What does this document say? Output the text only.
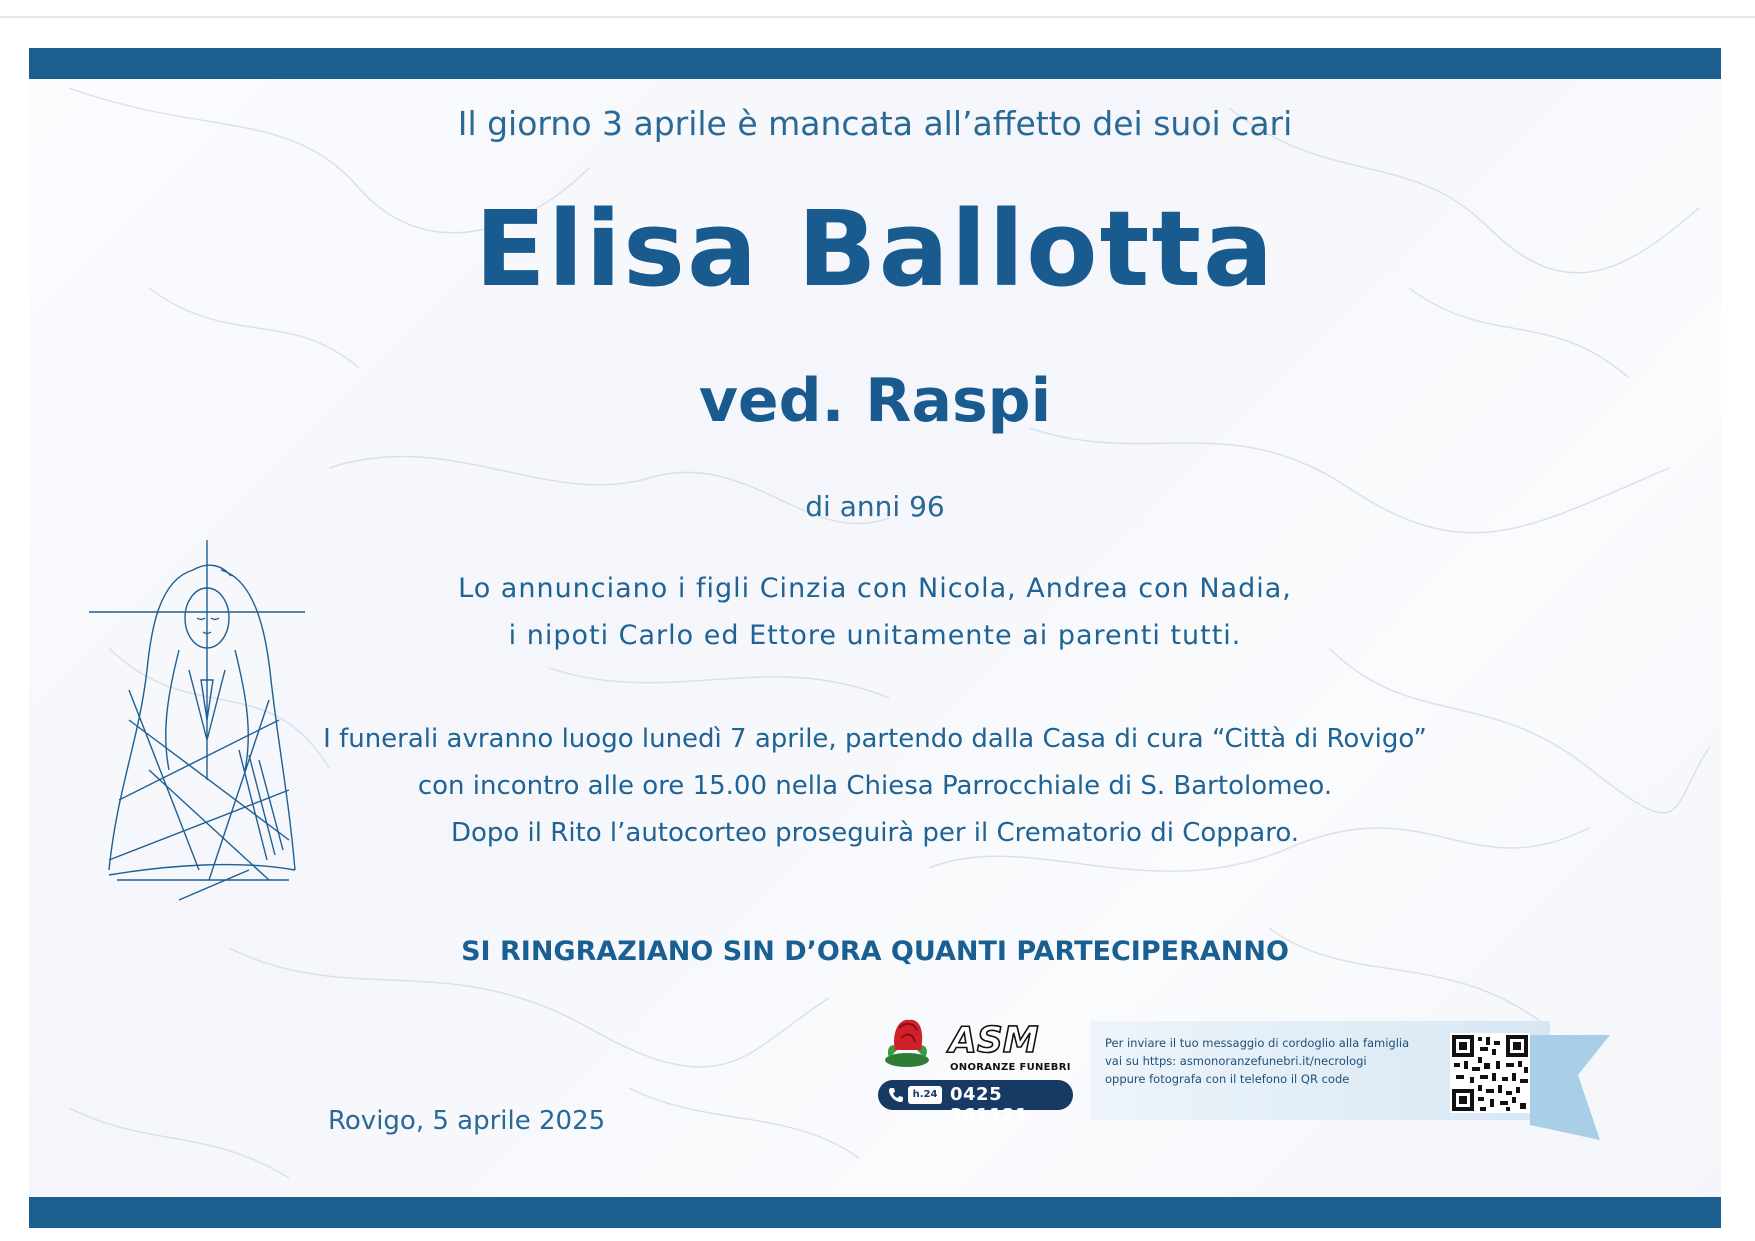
Il giorno 3 aprile è mancata all’affetto dei suoi cari
Elisa Ballotta
ved. Raspi
di anni 96
Lo annunciano i figli Cinzia con Nicola, Andrea con Nadia,
i nipoti Carlo ed Ettore unitamente ai parenti tutti.
I funerali avranno luogo lunedì 7 aprile, partendo dalla Casa di cura “Città di Rovigo”
con incontro alle ore 15.00 nella Chiesa Parrocchiale di S. Bartolomeo.
Dopo il Rito l’autocorteo proseguirà per il Crematorio di Copparo.
SI RINGRAZIANO SIN D’ORA QUANTI PARTECIPERANNO
Rovigo, 5 aprile 2025
ASM
ONORANZE FUNEBRI
h.24 0425 361121
Per inviare il tuo messaggio di cordoglio alla famiglia
vai su https: asmonoranzefunebri.it/necrologi
oppure fotografa con il telefono il QR code
